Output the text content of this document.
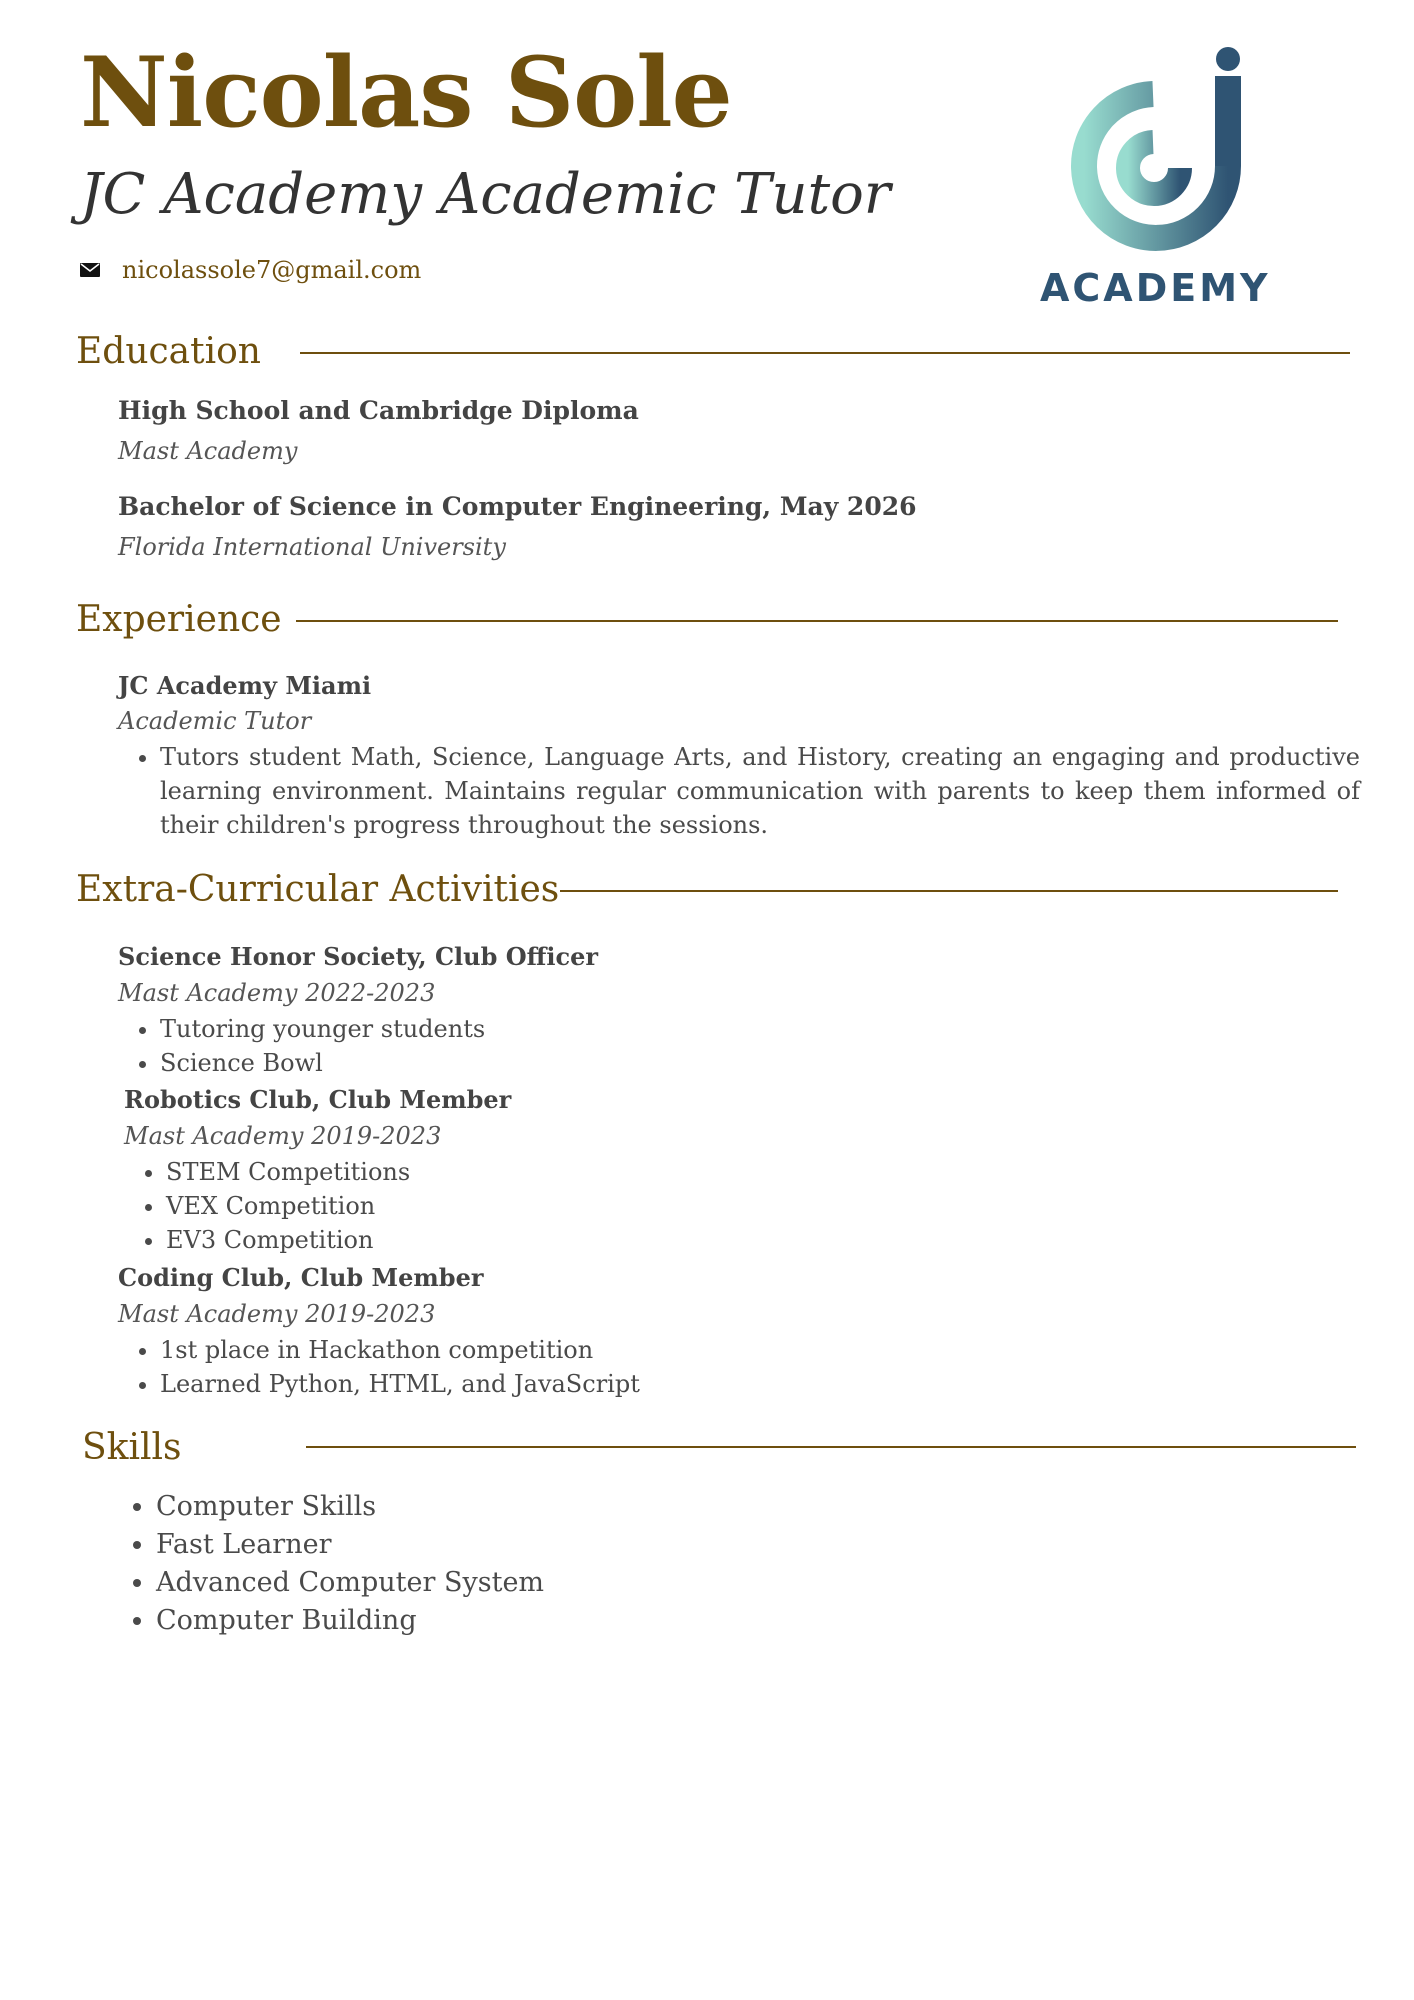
Nicolas Sole
JC Academy Academic Tutor
nicolassole7@gmail.com	ACADEMY
Education
High School and Cambridge Diploma
Mast Academy
Bachelor of Science in Computer Engineering, May 2026
Florida International University
Experience
JC Academy Miami
Academic Tutor
• Tutors student Math, Science, Language Arts, and History, creating an engaging and productive learning environment. Maintains regular communication with parents to keep them informed of their children's progress throughout the sessions.
Extra-Curricular Activities
Science Honor Society, Club Officer
Mast Academy 2022-2023
• Tutoring younger students
• Science Bowl
Robotics Club, Club Member
Mast Academy 2019-2023
• STEM Competitions
• VEX Competition
• EV3 Competition
Coding Club, Club Member
Mast Academy 2019-2023
• 1st place in Hackathon competition
• Learned Python, HTML, and JavaScript
Skills
• Computer Skills
• Fast Learner
• Advanced Computer System
• Computer Building
